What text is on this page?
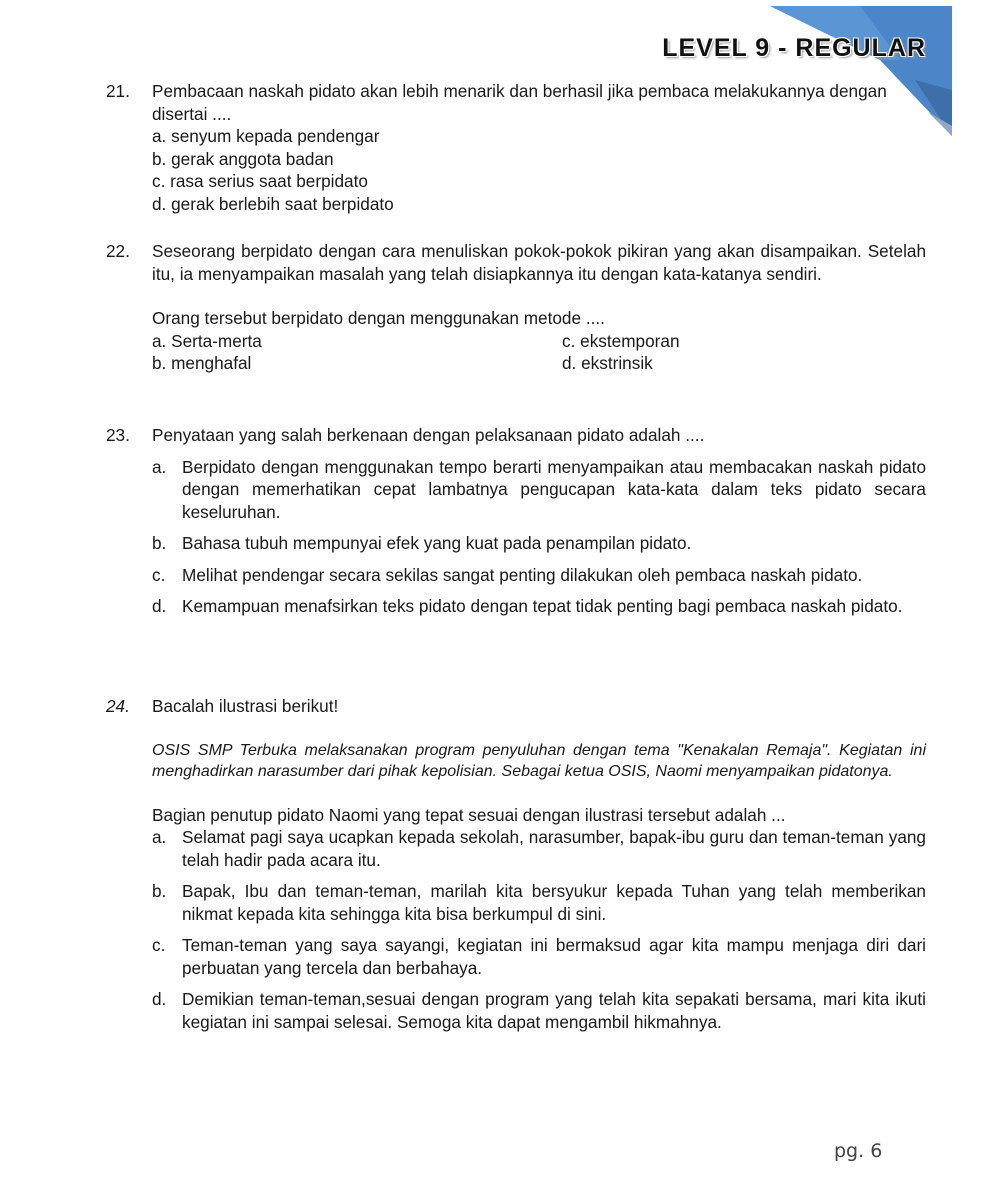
LEVEL 9 - REGULAR
21.	Pembacaan naskah pidato akan lebih menarik dan berhasil jika pembaca melakukannya dengan disertai ....
a. senyum kepada pendengar
b. gerak anggota badan
c. rasa serius saat berpidato
d. gerak berlebih saat berpidato
22.	Seseorang berpidato dengan cara menuliskan pokok-pokok pikiran yang akan disampaikan. Setelah itu, ia menyampaikan masalah yang telah disiapkannya itu dengan kata-katanya sendiri.
Orang tersebut berpidato dengan menggunakan metode ....
a. Serta-merta	c. ekstemporan
b. menghafal	d. ekstrinsik
23.	Penyataan yang salah berkenaan dengan pelaksanaan pidato adalah ....
a. Berpidato dengan menggunakan tempo berarti menyampaikan atau membacakan naskah pidato dengan memerhatikan cepat lambatnya pengucapan kata-kata dalam teks pidato secara keseluruhan.
b. Bahasa tubuh mempunyai efek yang kuat pada penampilan pidato.
c. Melihat pendengar secara sekilas sangat penting dilakukan oleh pembaca naskah pidato.
d. Kemampuan menafsirkan teks pidato dengan tepat tidak penting bagi pembaca naskah pidato.
24.	Bacalah ilustrasi berikut!
OSIS SMP Terbuka melaksanakan program penyuluhan dengan tema "Kenakalan Remaja". Kegiatan ini menghadirkan narasumber dari pihak kepolisian. Sebagai ketua OSIS, Naomi menyampaikan pidatonya.
Bagian penutup pidato Naomi yang tepat sesuai dengan ilustrasi tersebut adalah ...
a. Selamat pagi saya ucapkan kepada sekolah, narasumber, bapak-ibu guru dan teman-teman yang telah hadir pada acara itu.
b. Bapak, Ibu dan teman-teman, marilah kita bersyukur kepada Tuhan yang telah memberikan nikmat kepada kita sehingga kita bisa berkumpul di sini.
c. Teman-teman yang saya sayangi, kegiatan ini bermaksud agar kita mampu menjaga diri dari perbuatan yang tercela dan berbahaya.
d. Demikian teman-teman,sesuai dengan program yang telah kita sepakati bersama, mari kita ikuti kegiatan ini sampai selesai. Semoga kita dapat mengambil hikmahnya.
pg. 6
